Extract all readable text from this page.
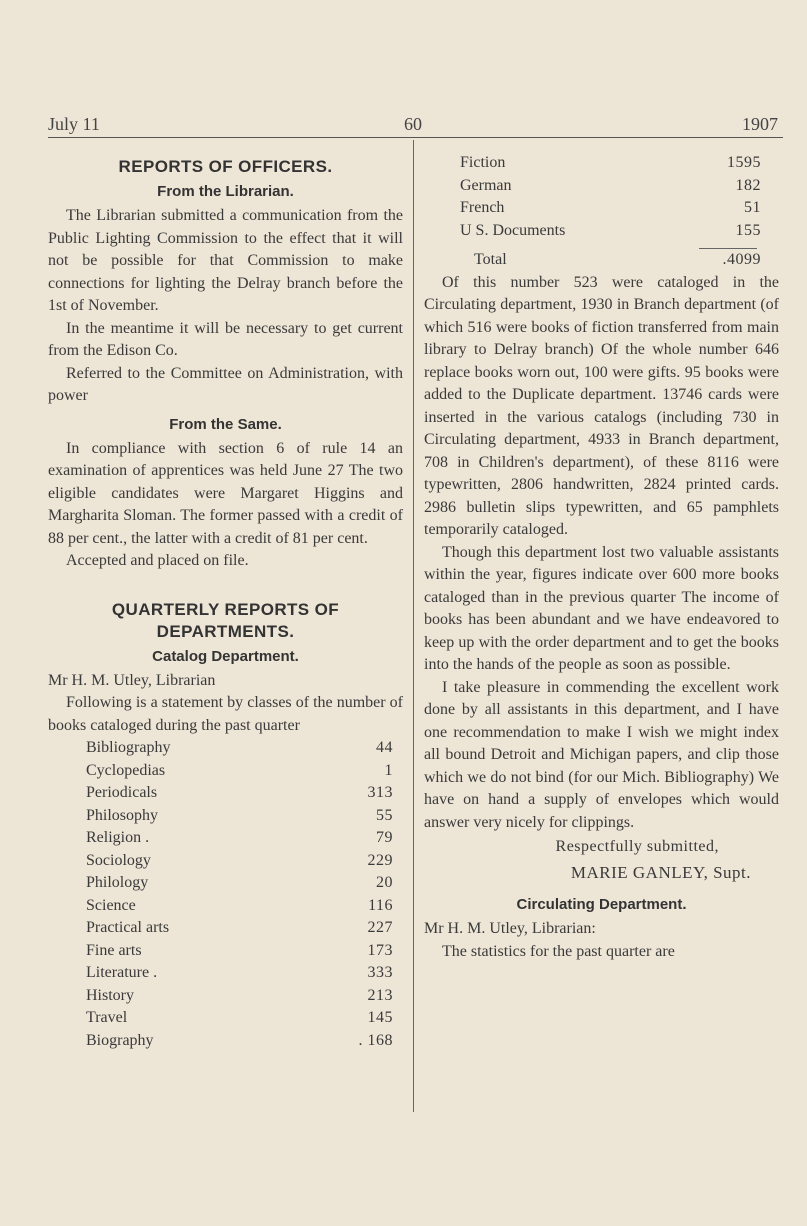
July 11	60	1907
REPORTS OF OFFICERS.
From the Librarian.

The Librarian submitted a communication from the Public Lighting Commission to the effect that it will not be possible for that Commission to make connections for lighting the Delray branch before the 1st of November.

In the meantime it will be necessary to get current from the Edison Co.

Referred to the Committee on Administration, with power

From the Same.

In compliance with section 6 of rule 14 an examination of apprentices was held June 27 The two eligible candidates were Margaret Higgins and Margharita Sloman. The former passed with a credit of 88 per cent., the latter with a credit of 81 per cent.

Accepted and placed on file.

QUARTERLY REPORTS OF
DEPARTMENTS.
Catalog Department.

Mr H. M. Utley, Librarian

Following is a statement by classes of the number of books cataloged during the past quarter

Bibliography	44
Cyclopedias	1
Periodicals	313
Philosophy	55
Religion .	79
Sociology	229
Philology	20
Science	116
Practical arts	227
Fine arts	173
Literature .	333
History	213
Travel	145
Biography	. 168
Fiction	1595
German	182
French	51
U S. Documents	155
Total	.4099

Of this number 523 were cataloged in the Circulating department, 1930 in Branch department (of which 516 were books of fiction transferred from main library to Delray branch) Of the whole number 646 replace books worn out, 100 were gifts. 95 books were added to the Duplicate department. 13746 cards were inserted in the various catalogs (including 730 in Circulating department, 4933 in Branch department, 708 in Children's department), of these 8116 were typewritten, 2806 handwritten, 2824 printed cards. 2986 bulletin slips typewritten, and 65 pamphlets temporarily cataloged.

Though this department lost two valuable assistants within the year, figures indicate over 600 more books cataloged than in the previous quarter The income of books has been abundant and we have endeavored to keep up with the order department and to get the books into the hands of the people as soon as possible.

I take pleasure in commending the excellent work done by all assistants in this department, and I have one recommendation to make I wish we might index all bound Detroit and Michigan papers, and clip those which we do not bind (for our Mich. Bibliography) We have on hand a supply of envelopes which would answer very nicely for clippings.

Respectfully submitted,
MARIE GANLEY, Supt.
Circulating Department.

Mr H. M. Utley, Librarian:

The statistics for the past quarter are
